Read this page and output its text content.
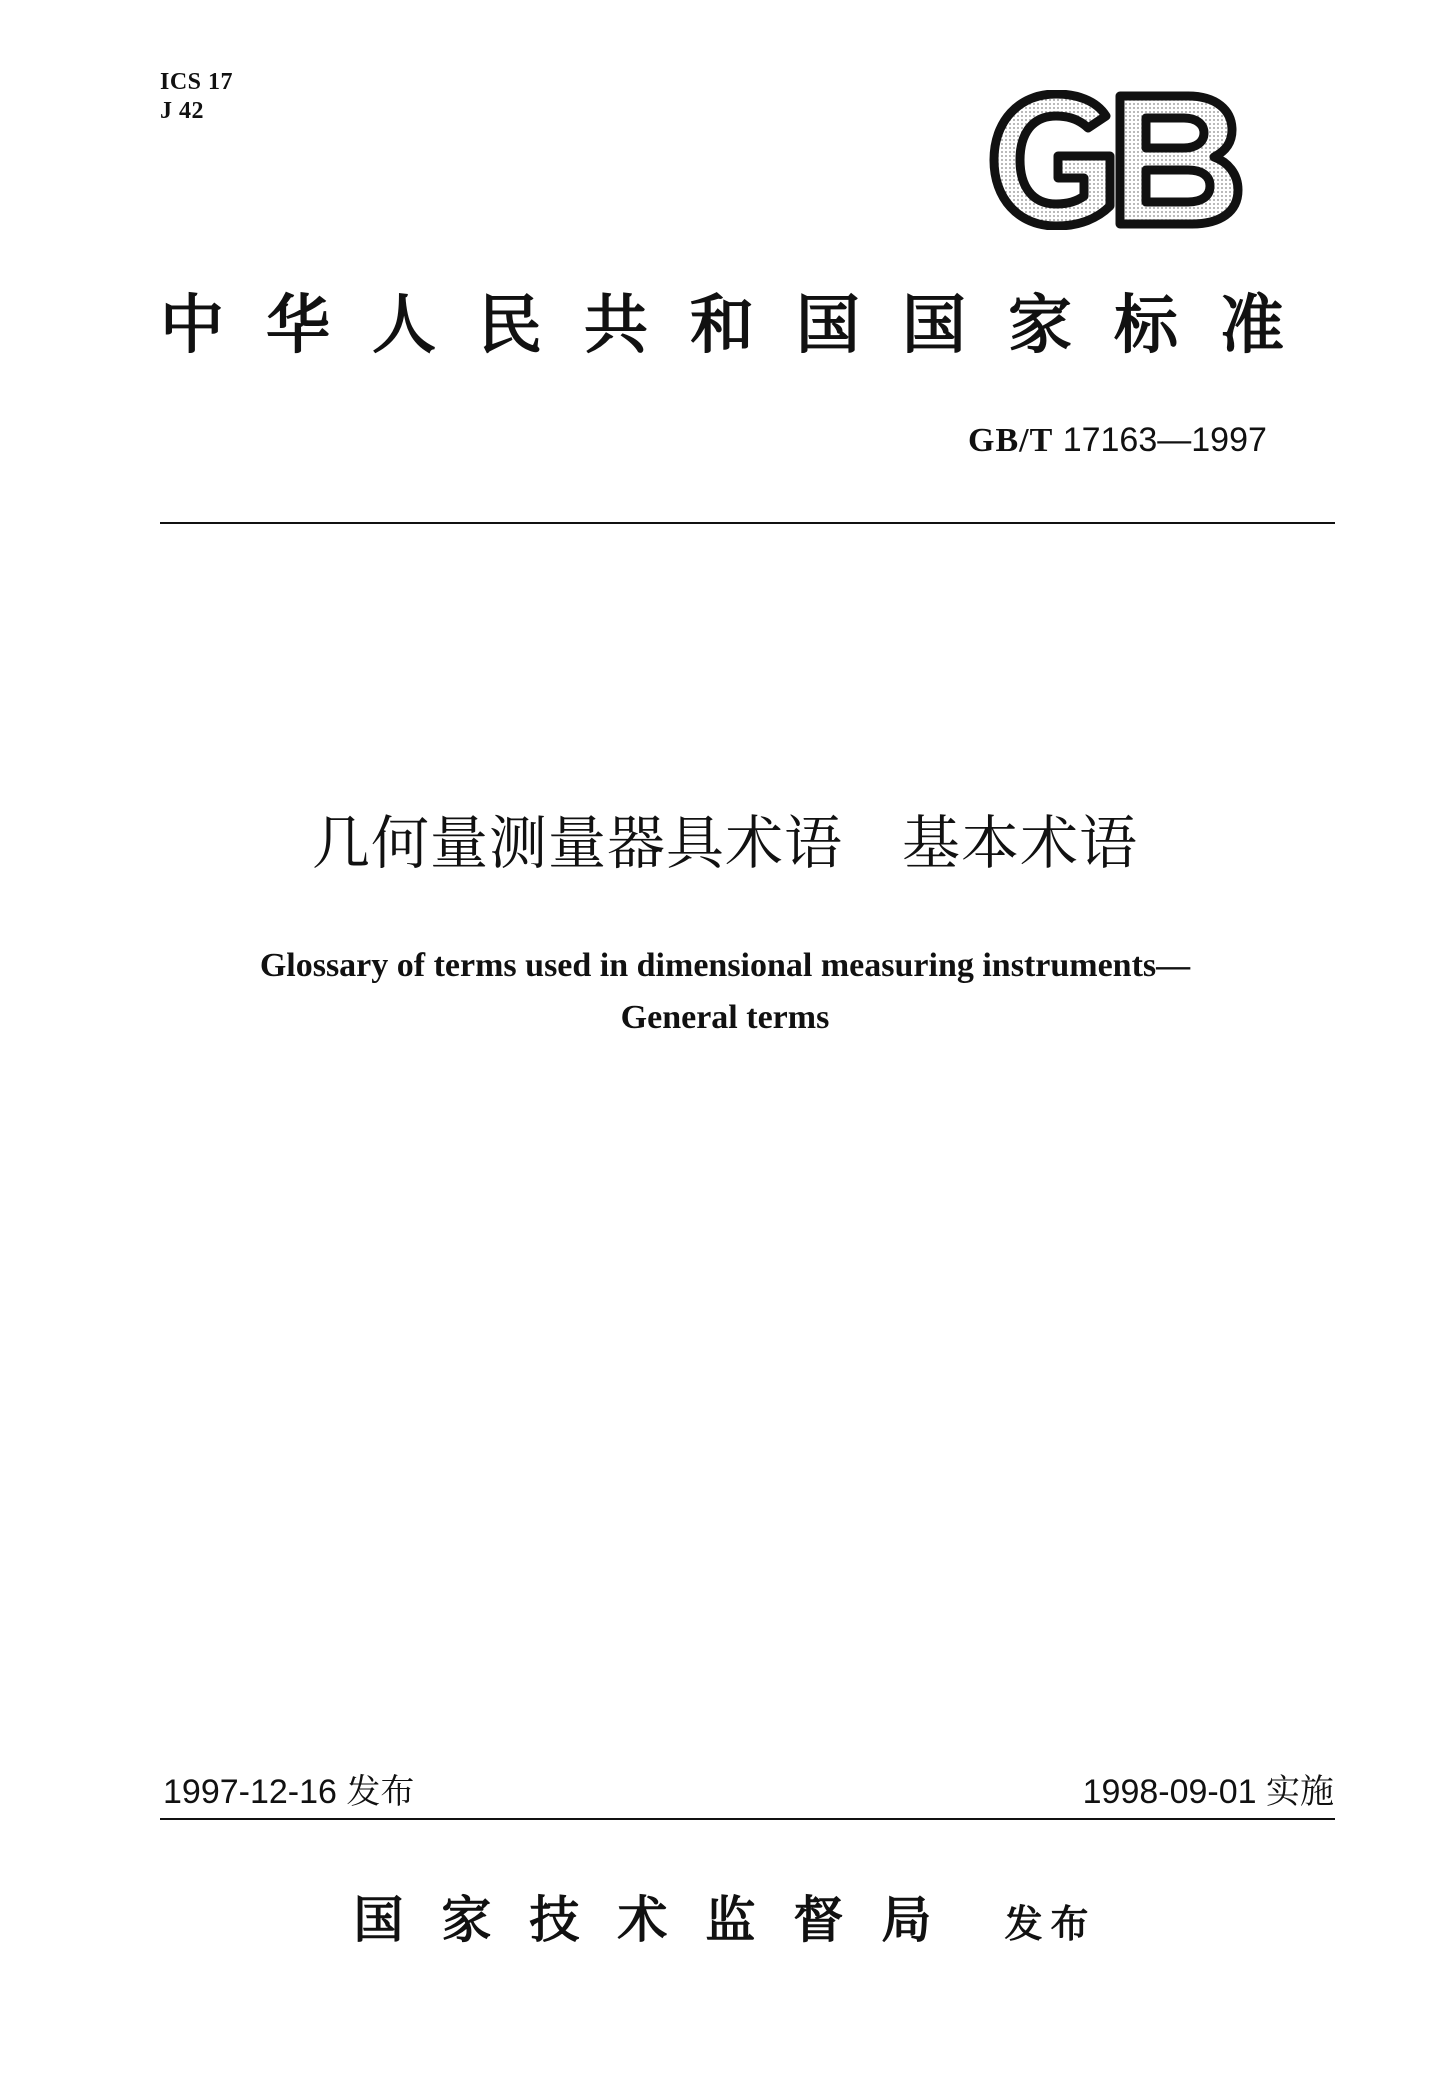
ICS 17
J 42
中华人民共和国国家标准
GB/T 17163—1997
几何量测量器具术语　基本术语
Glossary of terms used in dimensional measuring instruments—
General terms
1997-12-16 发布	1998-09-01 实施
国家技术监督局 发布
